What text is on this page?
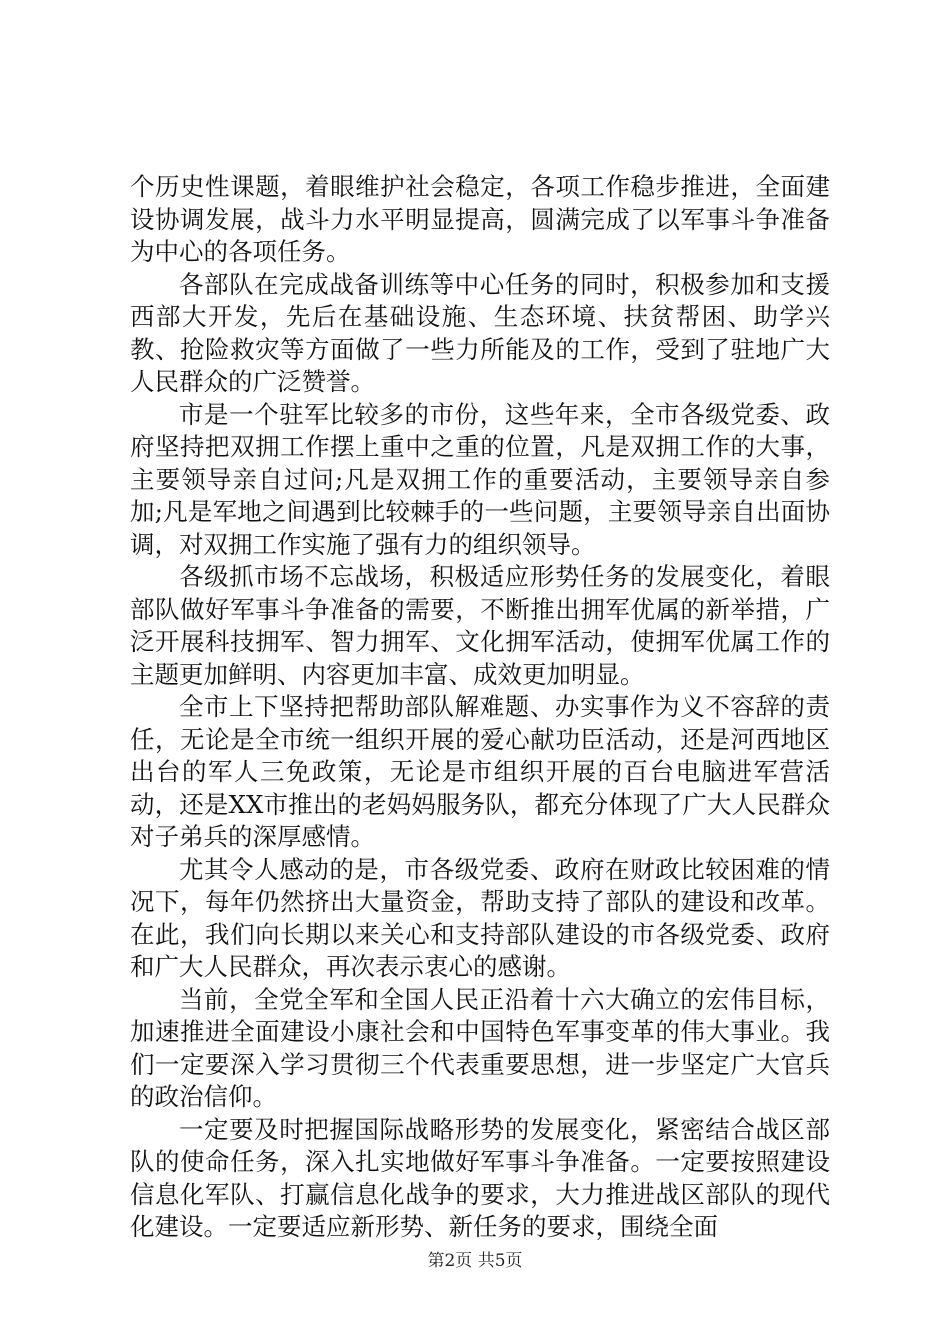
个历史性课题，着眼维护社会稳定，各项工作稳步推进，全面建设协调发展，战斗力水平明显提高，圆满完成了以军事斗争准备为中心的各项任务。

各部队在完成战备训练等中心任务的同时，积极参加和支援西部大开发，先后在基础设施、生态环境、扶贫帮困、助学兴教、抢险救灾等方面做了一些力所能及的工作，受到了驻地广大人民群众的广泛赞誉。

市是一个驻军比较多的市份，这些年来，全市各级党委、政府坚持把双拥工作摆上重中之重的位置，凡是双拥工作的大事，主要领导亲自过问;凡是双拥工作的重要活动，主要领导亲自参加;凡是军地之间遇到比较棘手的一些问题，主要领导亲自出面协调，对双拥工作实施了强有力的组织领导。

各级抓市场不忘战场，积极适应形势任务的发展变化，着眼部队做好军事斗争准备的需要，不断推出拥军优属的新举措，广泛开展科技拥军、智力拥军、文化拥军活动，使拥军优属工作的主题更加鲜明、内容更加丰富、成效更加明显。

全市上下坚持把帮助部队解难题、办实事作为义不容辞的责任，无论是全市统一组织开展的爱心献功臣活动，还是河西地区出台的军人三免政策，无论是市组织开展的百台电脑进军营活动，还是XX市推出的老妈妈服务队，都充分体现了广大人民群众对子弟兵的深厚感情。

尤其令人感动的是，市各级党委、政府在财政比较困难的情况下，每年仍然挤出大量资金，帮助支持了部队的建设和改革。在此，我们向长期以来关心和支持部队建设的市各级党委、政府和广大人民群众，再次表示衷心的感谢。

当前，全党全军和全国人民正沿着十六大确立的宏伟目标，加速推进全面建设小康社会和中国特色军事变革的伟大事业。我们一定要深入学习贯彻三个代表重要思想，进一步坚定广大官兵的政治信仰。

一定要及时把握国际战略形势的发展变化，紧密结合战区部队的使命任务，深入扎实地做好军事斗争准备。一定要按照建设信息化军队、打赢信息化战争的要求，大力推进战区部队的现代化建设。一定要适应新形势、新任务的要求，围绕全面

第2页 共5页
